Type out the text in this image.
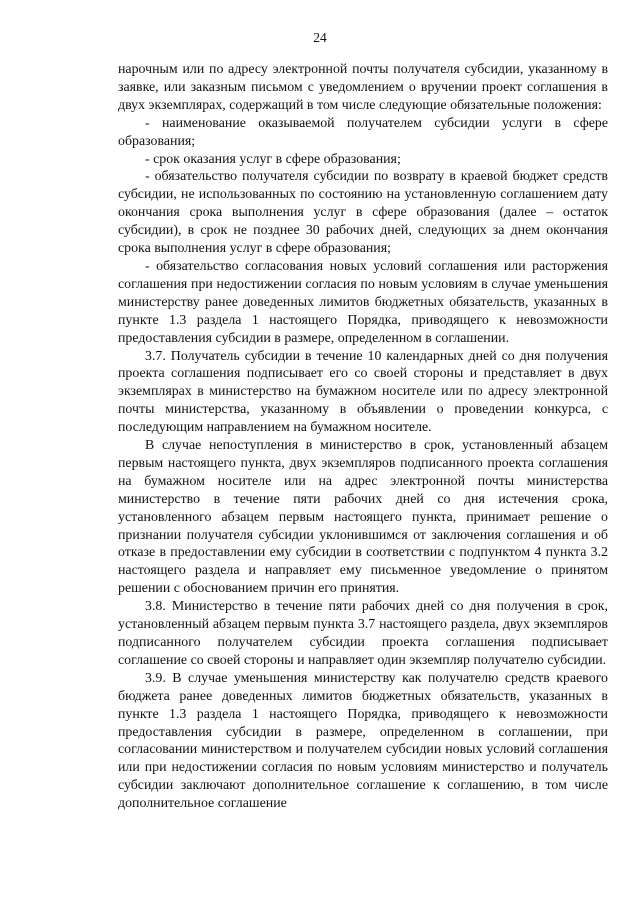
24

нарочным или по адресу электронной почты получателя субсидии, указанному в заявке, или заказным письмом с уведомлением о вручении проект соглашения в двух экземплярах, содержащий в том числе следующие обязательные положения:

- наименование оказываемой получателем субсидии услуги в сфере образования;

- срок оказания услуг в сфере образования;

- обязательство получателя субсидии по возврату в краевой бюджет средств субсидии, не использованных по состоянию на установленную соглашением дату окончания срока выполнения услуг в сфере образования (далее – остаток субсидии), в срок не позднее 30 рабочих дней, следующих за днем окончания срока выполнения услуг в сфере образования;

- обязательство согласования новых условий соглашения или расторжения соглашения при недостижении согласия по новым условиям в случае уменьшения министерству ранее доведенных лимитов бюджетных обязательств, указанных в пункте 1.3 раздела 1 настоящего Порядка, приводящего к невозможности предоставления субсидии в размере, определенном в соглашении.

3.7. Получатель субсидии в течение 10 календарных дней со дня получения проекта соглашения подписывает его со своей стороны и представляет в двух экземплярах в министерство на бумажном носителе или по адресу электронной почты министерства, указанному в объявлении о проведении конкурса, с последующим направлением на бумажном носителе.

В случае непоступления в министерство в срок, установленный абзацем первым настоящего пункта, двух экземпляров подписанного проекта соглашения на бумажном носителе или на адрес электронной почты министерства министерство в течение пяти рабочих дней со дня истечения срока, установленного абзацем первым настоящего пункта, принимает решение о признании получателя субсидии уклонившимся от заключения соглашения и об отказе в предоставлении ему субсидии в соответствии с подпунктом 4 пункта 3.2 настоящего раздела и направляет ему письменное уведомление о принятом решении с обоснованием причин его принятия.

3.8. Министерство в течение пяти рабочих дней со дня получения в срок, установленный абзацем первым пункта 3.7 настоящего раздела, двух экземпляров подписанного получателем субсидии проекта соглашения подписывает соглашение со своей стороны и направляет один экземпляр получателю субсидии.

3.9. В случае уменьшения министерству как получателю средств краевого бюджета ранее доведенных лимитов бюджетных обязательств, указанных в пункте 1.3 раздела 1 настоящего Порядка, приводящего к невозможности предоставления субсидии в размере, определенном в соглашении, при согласовании министерством и получателем субсидии новых условий соглашения или при недостижении согласия по новым условиям министерство и получатель субсидии заключают дополнительное соглашение к соглашению, в том числе дополнительное соглашение
